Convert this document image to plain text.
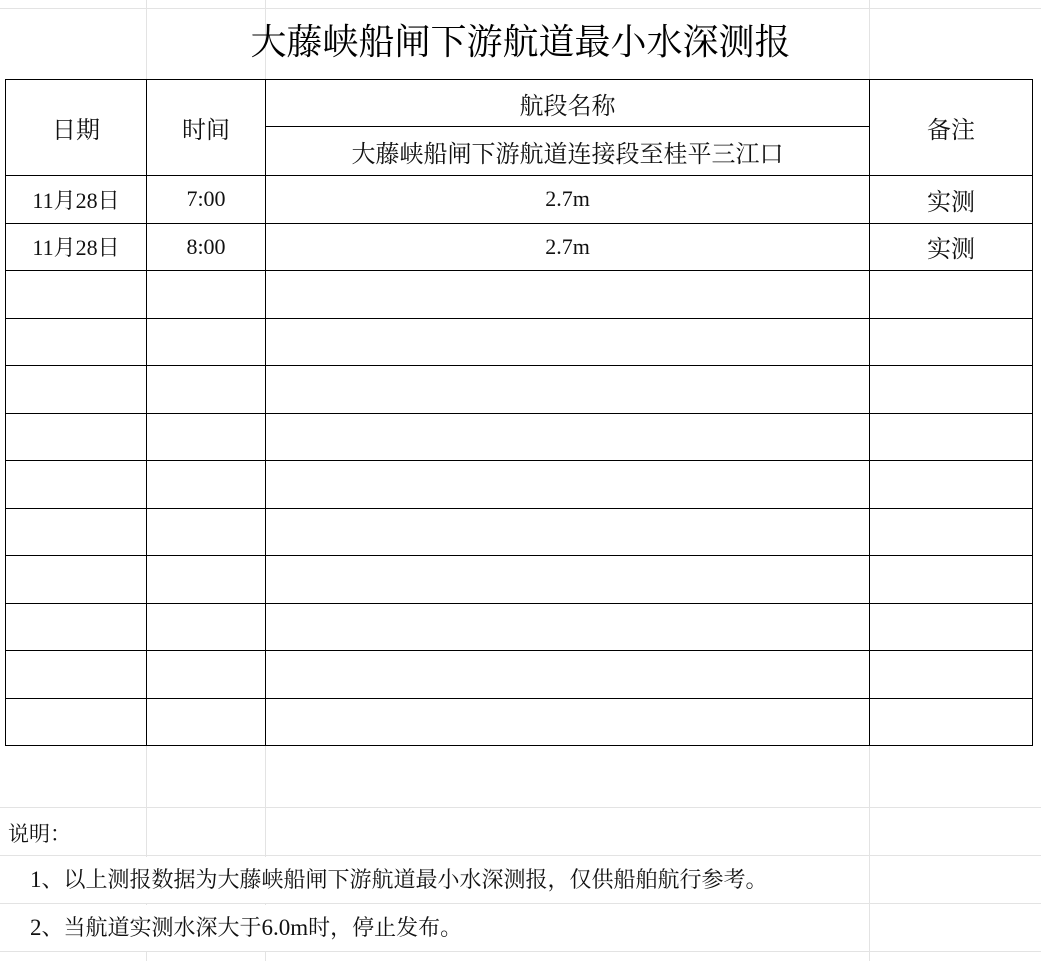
大藤峡船闸下游航道最小水深测报
日期	时间	航段名称	备注
		大藤峡船闸下游航道连接段至桂平三江口	
11月28日	7:00	2.7m	实测
11月28日	8:00	2.7m	实测

说明：
1、以上测报数据为大藤峡船闸下游航道最小水深测报，仅供船舶航行参考。
2、当航道实测水深大于6.0m时，停止发布。
